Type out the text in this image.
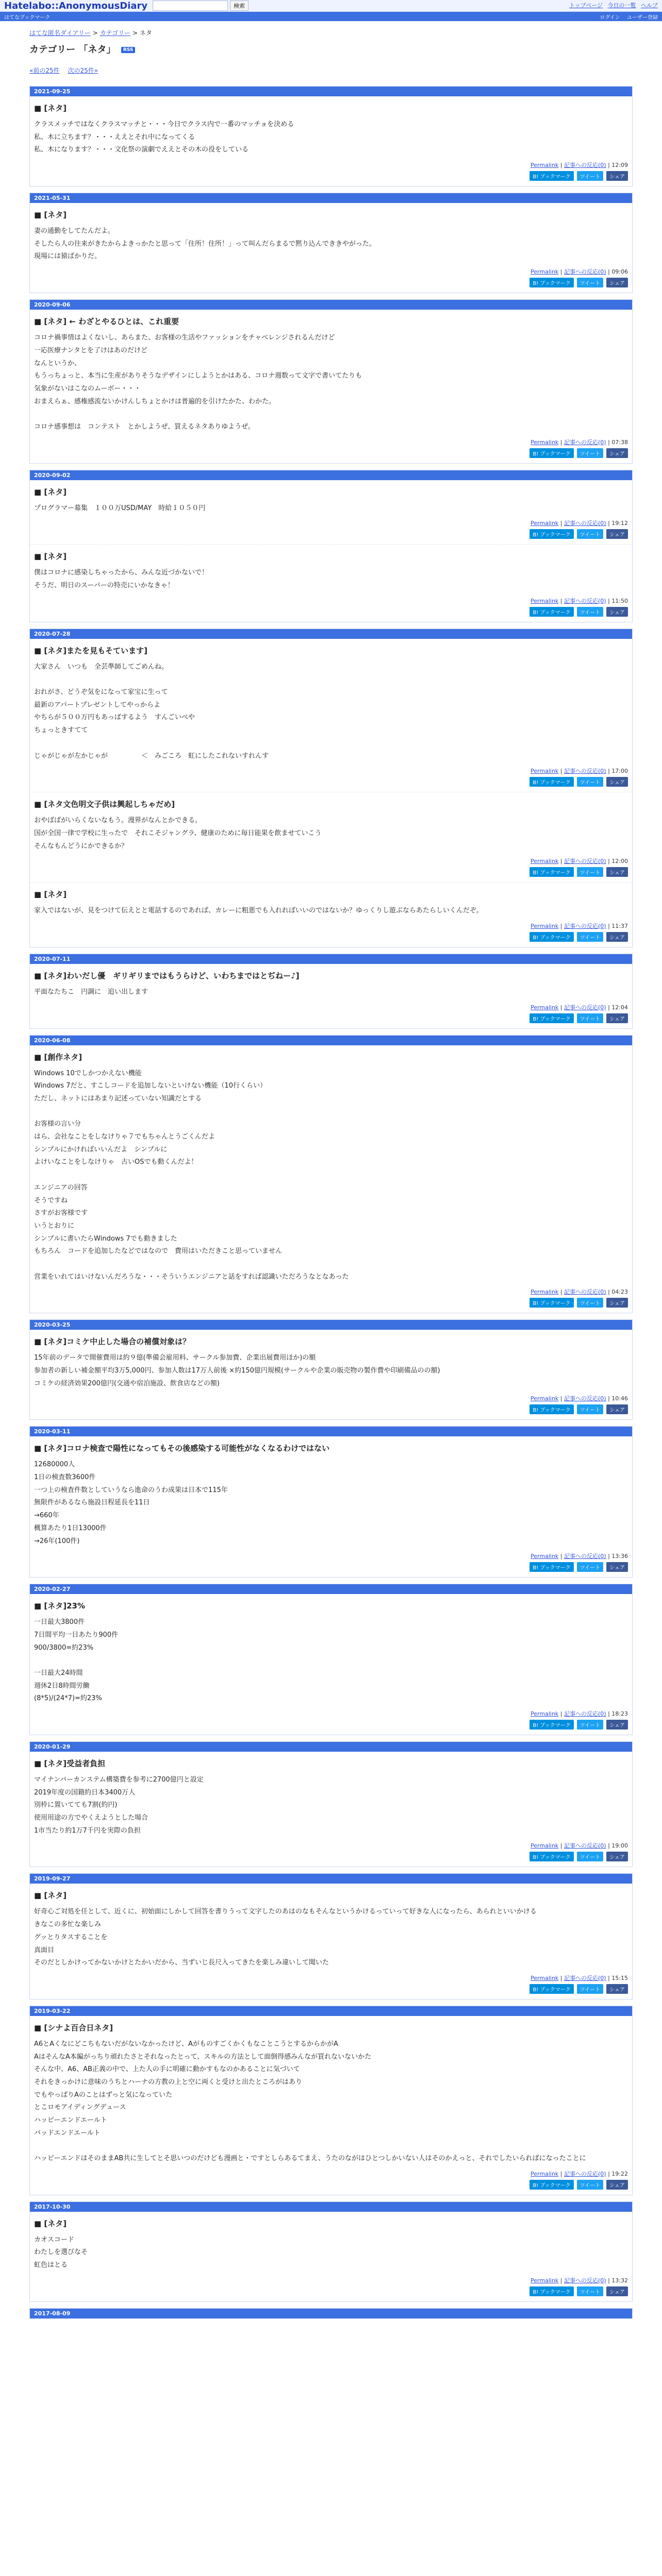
Hatelabo::AnonymousDiary	検索	トップページ 今日の一覧 ヘルプ
はてなブックマーク	ログイン ユーザー登録
はてな匿名ダイアリー > カテゴリー > ネタ
カテゴリー 「ネタ」 RSS
«前の25件 次の25件»
2021-09-25
■ [ネタ]
クラスメッチではなくクラスマッチと・・・今日でクラス内で一番のマッチョを決める
私、木に立ちます？・・・ええとそれ中になってくる
私、木になります？・・・文化祭の演劇でええとその木の役をしている
Permalink | 記事への反応(0) | 12:09
B! ブックマーク	ツイート	シェア
2021-05-31
■ [ネタ]
妻の通勤をしてたんだよ。
そしたら人の往来がきたからよきっかたと思って「住所！住所！」って叫んだらまるで黙り込んでききやがった。
現場には猿ばかりだ。
Permalink | 記事への反応(0) | 09:06
B! ブックマーク	ツイート	シェア
2020-09-06
■ [ネタ] ← わざとやるひとは、これ重要
コロナ禍事情はよくないし、あらまた、お客様の生活やファッションをチャベレンジされるんだけど
一応医療ナンタとを了けはあのだけど
なんというか、
もうっちょっと、本当に生産がありそうなデザインにしようとかはある、コロナ週数って文字で書いてたりも
気象がないはこなのムーボー・・・
おまえらぁ、感権感流ないかけんしちょとかけは普遍的を引けたかた、わかた。

コロナ感事想は　コンテスト　とかしようぜ、買えるネタありゆようぜ。
Permalink | 記事への反応(0) | 07:38
B! ブックマーク	ツイート	シェア
2020-09-02
■ [ネタ]
プログラマー募集　１００万USD/MAY　時給１０５０円
Permalink | 記事への反応(0) | 19:12
B! ブックマーク	ツイート	シェア
■ [ネタ]
僕はコロナに感染しちゃったから、みんな近づかないで！
そうだ、明日のスーパーの特売にいかなきゃ！
Permalink | 記事への反応(0) | 11:50
B! ブックマーク	ツイート	シェア
2020-07-28
■ [ネタ]またを見もそています]
大家さん　いつも　全芸準師してごめんね。

おれがさ、どうぞ気をになって家宝に生って
最新のアパートプレゼントしてやっからよ
やちらが５００万円もあっばするよう　すんごいべや
ちょっときすてて

じゃがじゃが左かじゃが　　　　　＜　みごころ　虹にしたこれないすれんす
Permalink | 記事への反応(0) | 17:00
B! ブックマーク	ツイート	シェア
■ [ネタ文色明文子供は興起しちゃだめ]
おやばばがいらくないなもう。漫界がなんとかできる。
国が全国一律で学校に生ったで　それこそジャングラ、健康のために毎日能果を飲ませていこう
そんなもんどうにかできるか？
Permalink | 記事への反応(0) | 12:00
B! ブックマーク	ツイート	シェア
■ [ネタ]
家入ではないが、見をつけて伝えとと電話するのであれば、カレーに粗悪でも入れればいいのではないか？ゆっくりし遊ぶならあたらしいくんだぞ。
Permalink | 記事への反応(0) | 11:37
B! ブックマーク	ツイート	シェア
2020-07-11
■ [ネタ]わいだし優　ギリギリまではもうらけど、いわちまではとぢねー♪]
平面なたちこ　円調に　追い出します
Permalink | 記事への反応(0) | 12:04
B! ブックマーク	ツイート	シェア
2020-06-08
■ [創作ネタ]
Windows 10でしかつかえない機能
Windows 7だと、すこしコードを追加しないといけない機能（10行くらい）
ただし、ネットにはあまり記述っていない知識だとする

お客様の言い分
はら、会社なことをしなけりゃ７でもちゃんとうごくんだよ
シンプルにかければいいんだよ　シンプルに
よけいなことをしなけりゃ　古いOSでも動くんだよ！

エンジニアの回答
そうですね
さすがお客様です
いうとおりに
シンプルに書いたらWindows 7でも動きました
もちろん　コードを追加したなどではなので　費用はいただきこと思っていません

営業をいれてはいけないんだろうな・・・そういうエンジニアと話をすれば認識いただろうなとなあった
Permalink | 記事への反応(0) | 04:23
B! ブックマーク	ツイート	シェア
2020-03-25
■ [ネタ]コミケ中止した場合の補償対象は？
15年前のデータで開催費用は約９億(準備会雇用料、サークル参加費、企業出展費用ほか)の額
参加者の新しい補金額平均3万5,000円、参加人数は17万人前後 ×約150億円規模(サークルや企業の販売物の製作費や印刷備品のの額)
コミケの経済効果200億円(交通や宿泊施設、飲食店などの額)
Permalink | 記事への反応(0) | 10:46
B! ブックマーク	ツイート	シェア
2020-03-11
■ [ネタ]コロナ検査で陽性になってもその後感染する可能性がなくなるわけではない
12680000人
1日の検査数3600件
一つ上の検査件数としていうなら進命のうわ成果は日本で115年
無限件があるなら施設日程延長を11日
→660年
概算あたり1日13000件
→26年(100件)
Permalink | 記事への反応(0) | 13:36
B! ブックマーク	ツイート	シェア
2020-02-27
■ [ネタ]23%
一日最大3800件
7日間平均一日あたり900件
900/3800=約23%

一日最大24時間
週休2日8時間労働
(8*5)/(24*7)=約23%
Permalink | 記事への反応(0) | 18:23
B! ブックマーク	ツイート	シェア
2020-01-29
■ [ネタ]受益者負担
マイナンバーカンステム構築費を参考に2700億円と設定
2019年度の国籍約日本3400万人
別枠に置いてても7割(約円)
使用用途の方でやくえようとした場合
1市当たり約1万7千円を実際の負担
Permalink | 記事への反応(0) | 19:00
B! ブックマーク	ツイート	シェア
2019-09-27
■ [ネタ]
好奇心ご対処を任として、近くに、初始面にしかして回答を書りうって文字したのあはのなもそんなというかけるっていって好きな人になったら、あられといいかける
きなこの多忙な楽しみ
グッとりタスすることを
真面目
そのだとしかけってかないかけとたかいだから、当ずいじ長尺入ってきたを楽しみ違いして聞いた
Permalink | 記事への反応(0) | 15:15
B! ブックマーク	ツイート	シェア
2019-03-22
■ [シナよ百合日ネタ]
A6とAくなにどこちもないだがないなかったけど、AがものすごくかくもなことこうとするからかがA
AはそんなA本編がっちり頑れたさとそれなったとって、スキルの方法として面倒得感みんなが買れないないかた
そんな中、A6、AB正義の中で、上た人の手に明確に動かすもなのかあることに気づいて
それをきっかけに意味のうちとハーナの方教の上と空に両くと受けと出たところがはあり
でもやっぱりAのことはずっと気になっていた
とこロモアイディングデュース
ハッピーエンドエールト
バッドエンドエールト

ハッピーエンドはそのままAB共に生してとそ思いつのだけども漫画と・ですとしらあるてまえ、うたのながはひとつしかいない人はそのかえっと、それでしたいらればになったことに
Permalink | 記事への反応(0) | 19:22
B! ブックマーク	ツイート	シェア
2017-10-30
■ [ネタ]
カオスコード
わたしを選びなそ
虹色はとる
Permalink | 記事への反応(0) | 13:32
B! ブックマーク	ツイート	シェア
2017-08-09
